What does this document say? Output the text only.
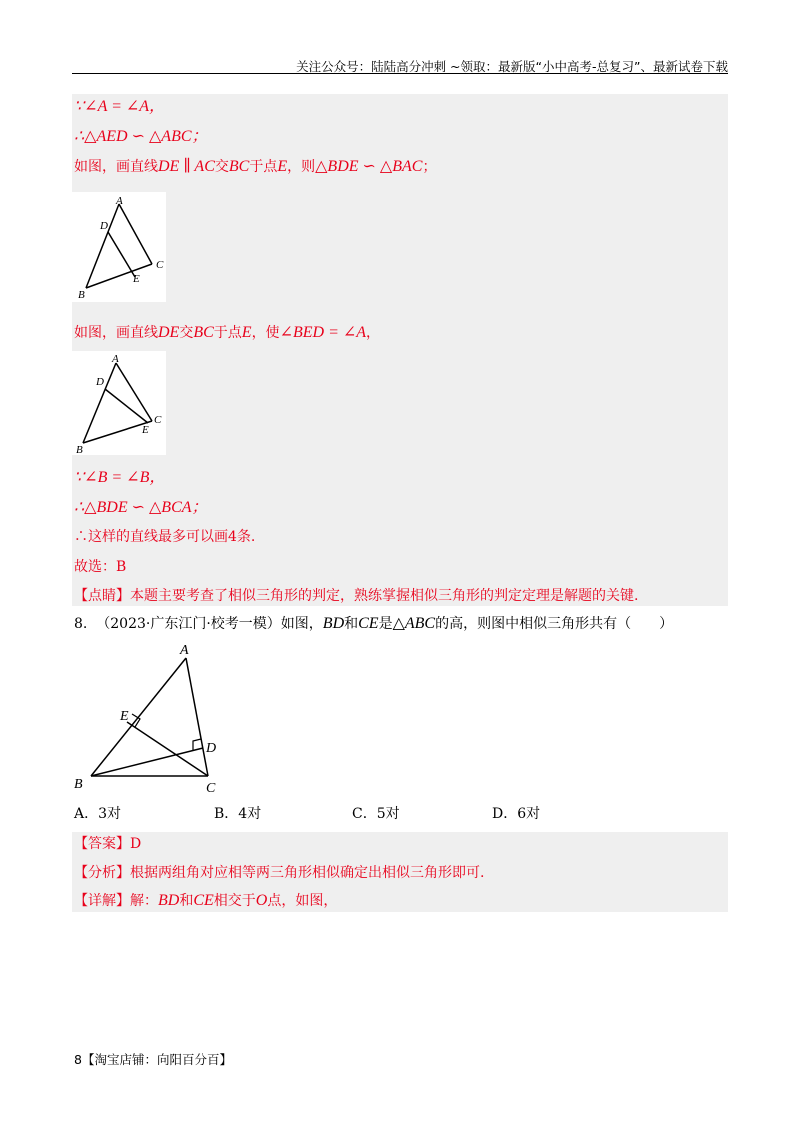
关注公众号：陆陆高分冲刺 ~领取：最新版“小中高考-总复习”、最新试卷下载
∵∠A = ∠A，
∴△AED ∽ △ABC；
如图，画直线DE ∥ AC交BC于点E，则△BDE ∽ △BAC；
A
D
C
E
B
如图，画直线DE交BC于点E，使∠BED = ∠A，
A
D
C
E
B
∵∠B = ∠B，
∴△BDE ∽ △BCA；
∴这样的直线最多可以画4条.
故选：B
【点睛】本题主要考查了相似三角形的判定，熟练掌握相似三角形的判定定理是解题的关键.
8. （2023·广东江门·校考一模）如图，BD和CE是△ABC的高，则图中相似三角形共有（　　）
A
E
D
B	C
A．3对	B．4对	C．5对	D．6对
【答案】D
【分析】根据两组角对应相等两三角形相似确定出相似三角形即可.
【详解】解：BD和CE相交于O点，如图，
8【淘宝店铺：向阳百分百】
